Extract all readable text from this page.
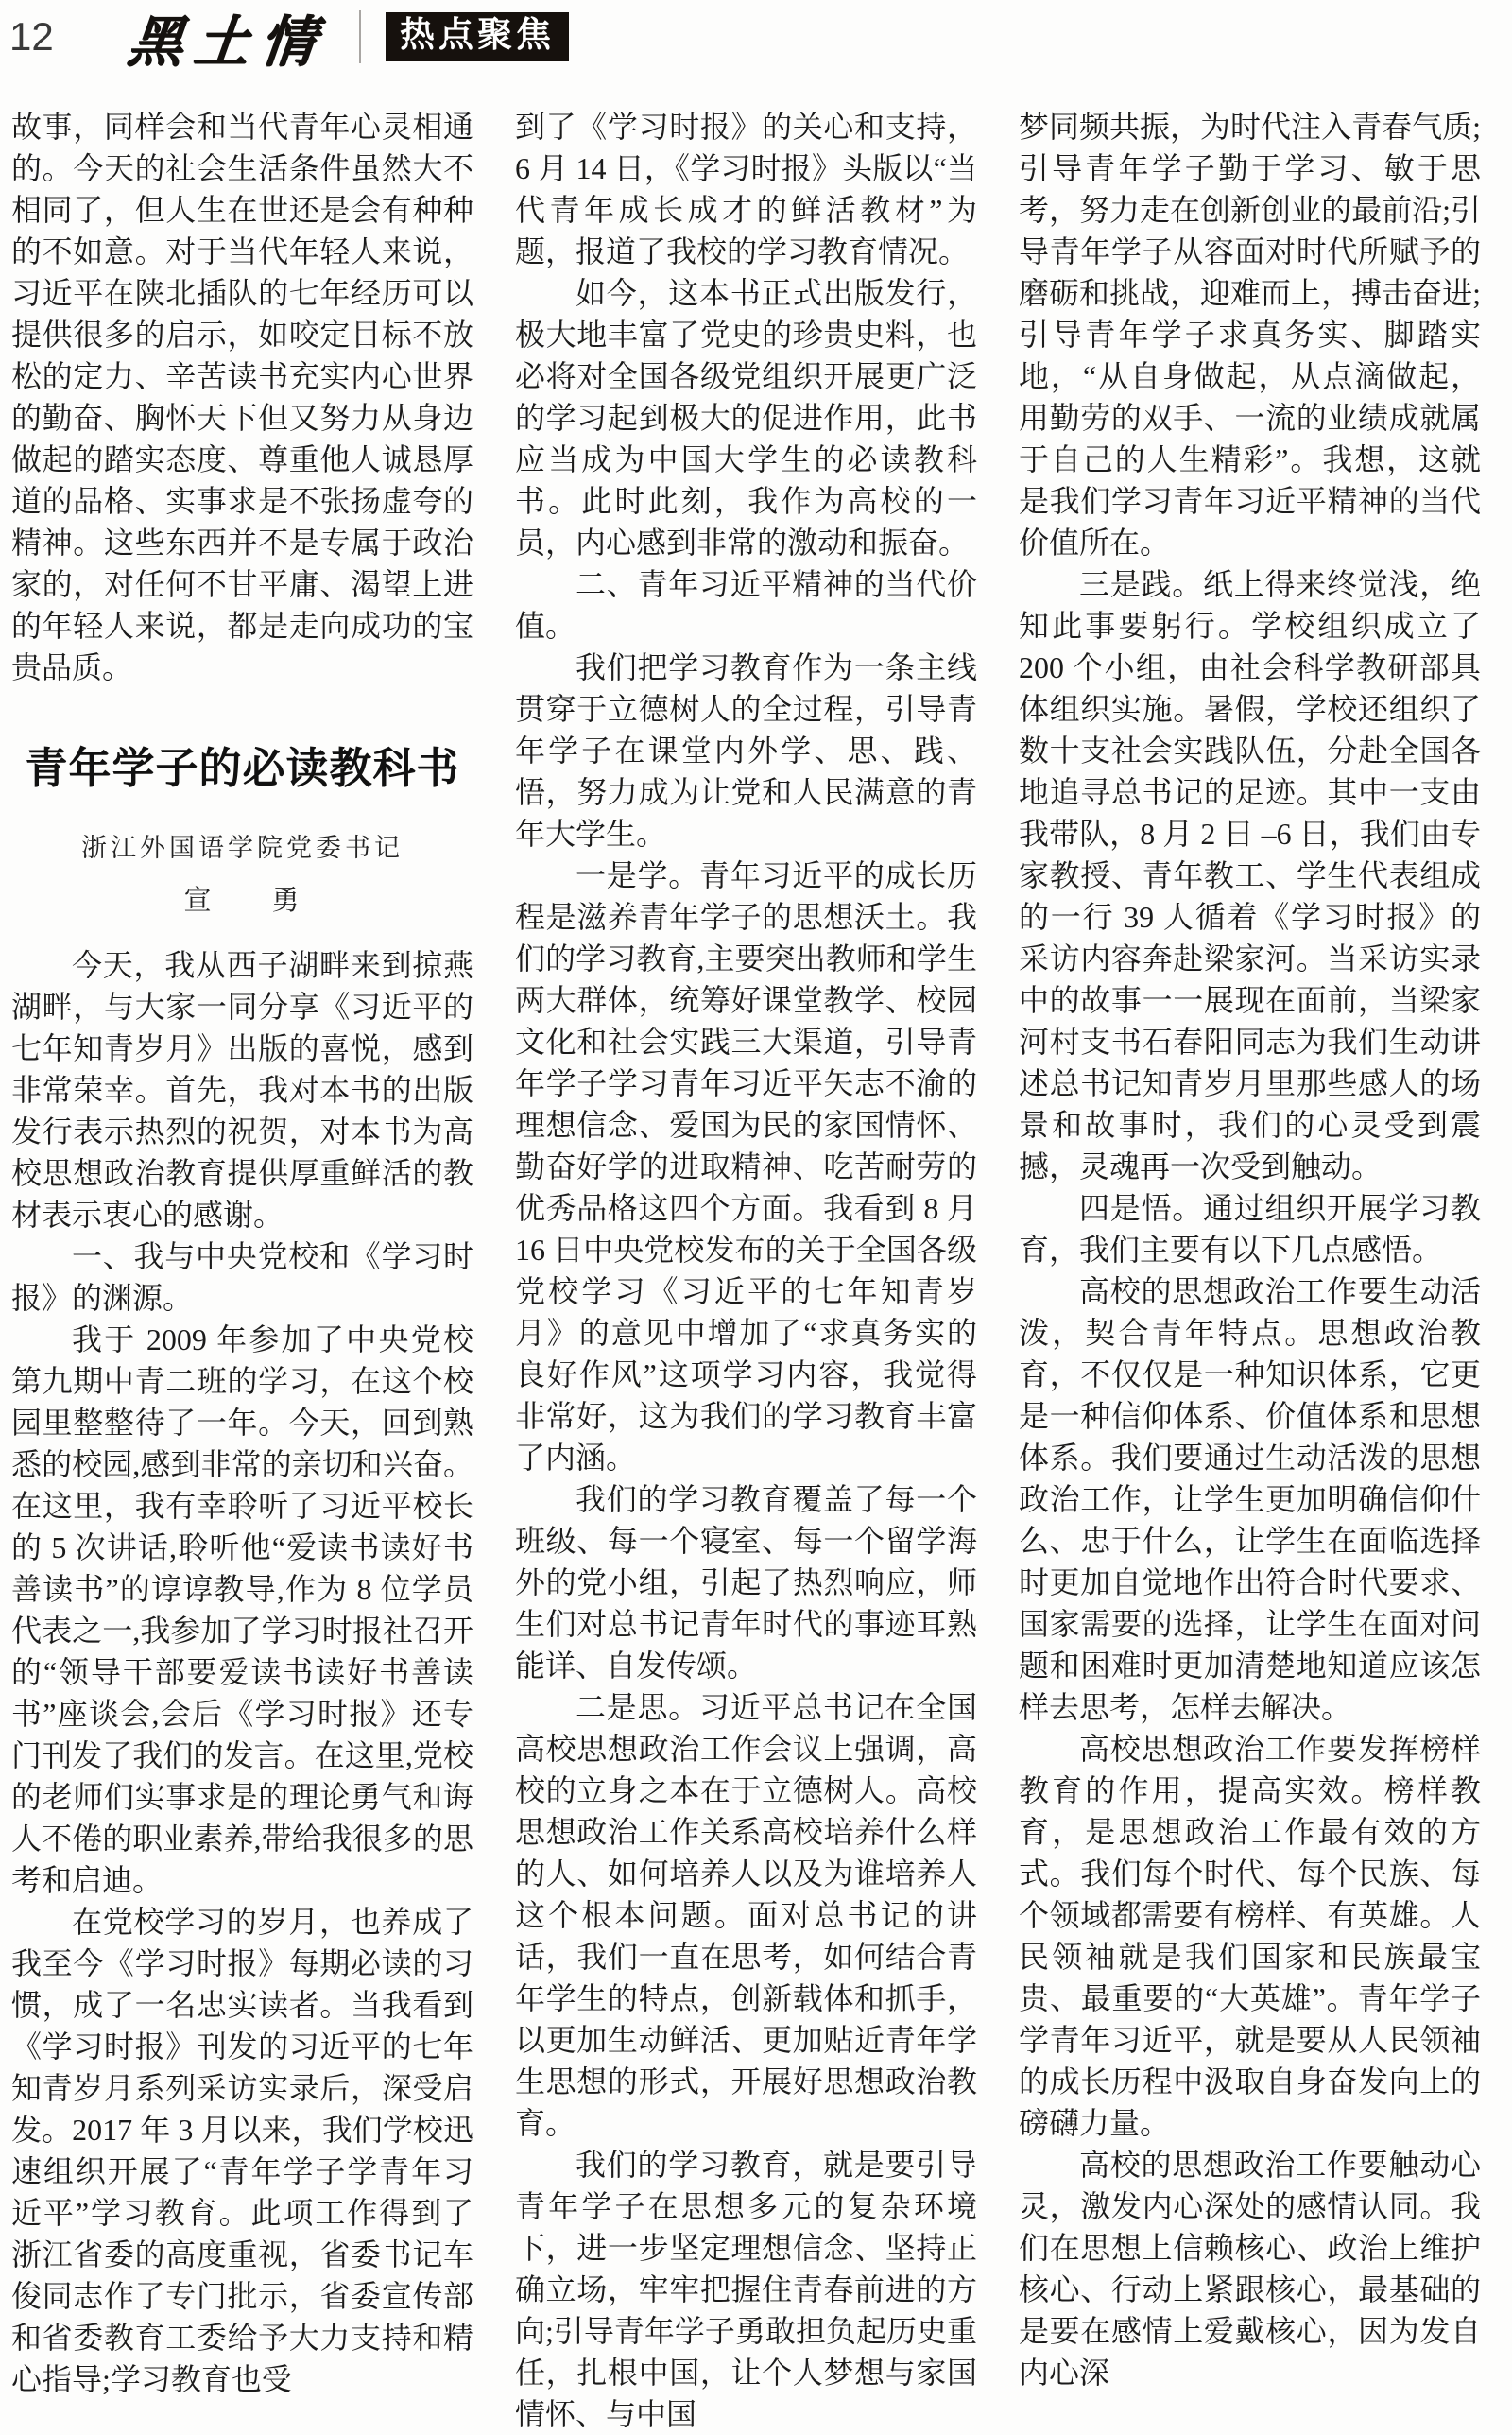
12 黑土情	热点聚焦

故事，同样会和当代青年心灵相通的。今天的社会生活条件虽然大不相同了，但人生在世还是会有种种的不如意。对于当代年轻人来说，习近平在陕北插队的七年经历可以提供很多的启示，如咬定目标不放松的定力、辛苦读书充实内心世界的勤奋、胸怀天下但又努力从身边做起的踏实态度、尊重他人诚恳厚道的品格、实事求是不张扬虚夸的精神。这些东西并不是专属于政治家的，对任何不甘平庸、渴望上进的年轻人来说，都是走向成功的宝贵品质。

青年学子的必读教科书
浙江外国语学院党委书记
宣　　勇

今天，我从西子湖畔来到掠燕湖畔，与大家一同分享《习近平的七年知青岁月》出版的喜悦，感到非常荣幸。首先，我对本书的出版发行表示热烈的祝贺，对本书为高校思想政治教育提供厚重鲜活的教材表示衷心的感谢。

一、我与中央党校和《学习时报》的渊源。

我于 2009 年参加了中央党校第九期中青二班的学习，在这个校园里整整待了一年。今天，回到熟悉的校园,感到非常的亲切和兴奋。在这里，我有幸聆听了习近平校长的 5 次讲话,聆听他“爱读书读好书善读书”的谆谆教导,作为 8 位学员代表之一,我参加了学习时报社召开的“领导干部要爱读书读好书善读书”座谈会,会后《学习时报》还专门刊发了我们的发言。在这里,党校的老师们实事求是的理论勇气和诲人不倦的职业素养,带给我很多的思考和启迪。

在党校学习的岁月，也养成了我至今《学习时报》每期必读的习惯，成了一名忠实读者。当我看到《学习时报》刊发的习近平的七年知青岁月系列采访实录后，深受启发。2017 年 3 月以来，我们学校迅速组织开展了“青年学子学青年习近平”学习教育。此项工作得到了浙江省委的高度重视，省委书记车俊同志作了专门批示，省委宣传部和省委教育工委给予大力支持和精心指导;学习教育也受

到了《学习时报》的关心和支持，6 月 14 日，《学习时报》头版以“当代青年成长成才的鲜活教材”为题，报道了我校的学习教育情况。

如今，这本书正式出版发行，极大地丰富了党史的珍贵史料，也必将对全国各级党组织开展更广泛的学习起到极大的促进作用，此书应当成为中国大学生的必读教科书。此时此刻，我作为高校的一员，内心感到非常的激动和振奋。

二、青年习近平精神的当代价值。

我们把学习教育作为一条主线贯穿于立德树人的全过程，引导青年学子在课堂内外学、思、践、悟，努力成为让党和人民满意的青年大学生。

一是学。青年习近平的成长历程是滋养青年学子的思想沃土。我们的学习教育,主要突出教师和学生两大群体，统筹好课堂教学、校园文化和社会实践三大渠道，引导青年学子学习青年习近平矢志不渝的理想信念、爱国为民的家国情怀、勤奋好学的进取精神、吃苦耐劳的优秀品格这四个方面。我看到 8 月 16 日中央党校发布的关于全国各级党校学习《习近平的七年知青岁月》的意见中增加了“求真务实的良好作风”这项学习内容，我觉得非常好，这为我们的学习教育丰富了内涵。

我们的学习教育覆盖了每一个班级、每一个寝室、每一个留学海外的党小组，引起了热烈响应，师生们对总书记青年时代的事迹耳熟能详、自发传颂。

二是思。习近平总书记在全国高校思想政治工作会议上强调，高校的立身之本在于立德树人。高校思想政治工作关系高校培养什么样的人、如何培养人以及为谁培养人这个根本问题。面对总书记的讲话，我们一直在思考，如何结合青年学生的特点，创新载体和抓手，以更加生动鲜活、更加贴近青年学生思想的形式，开展好思想政治教育。

我们的学习教育，就是要引导青年学子在思想多元的复杂环境下，进一步坚定理想信念、坚持正确立场，牢牢把握住青春前进的方向;引导青年学子勇敢担负起历史重任，扎根中国，让个人梦想与家国情怀、与中国

梦同频共振，为时代注入青春气质;引导青年学子勤于学习、敏于思考，努力走在创新创业的最前沿;引导青年学子从容面对时代所赋予的磨砺和挑战，迎难而上，搏击奋进;引导青年学子求真务实、脚踏实地，“从自身做起，从点滴做起，用勤劳的双手、一流的业绩成就属于自己的人生精彩”。我想，这就是我们学习青年习近平精神的当代价值所在。

三是践。纸上得来终觉浅，绝知此事要躬行。学校组织成立了 200 个小组，由社会科学教研部具体组织实施。暑假，学校还组织了数十支社会实践队伍，分赴全国各地追寻总书记的足迹。其中一支由我带队，8 月 2 日 –6 日，我们由专家教授、青年教工、学生代表组成的一行 39 人循着《学习时报》的采访内容奔赴梁家河。当采访实录中的故事一一展现在面前，当梁家河村支书石春阳同志为我们生动讲述总书记知青岁月里那些感人的场景和故事时，我们的心灵受到震撼，灵魂再一次受到触动。

四是悟。通过组织开展学习教育，我们主要有以下几点感悟。

高校的思想政治工作要生动活泼，契合青年特点。思想政治教育，不仅仅是一种知识体系，它更是一种信仰体系、价值体系和思想体系。我们要通过生动活泼的思想政治工作，让学生更加明确信仰什么、忠于什么，让学生在面临选择时更加自觉地作出符合时代要求、国家需要的选择，让学生在面对问题和困难时更加清楚地知道应该怎样去思考，怎样去解决。

高校思想政治工作要发挥榜样教育的作用，提高实效。榜样教育，是思想政治工作最有效的方式。我们每个时代、每个民族、每个领域都需要有榜样、有英雄。人民领袖就是我们国家和民族最宝贵、最重要的“大英雄”。青年学子学青年习近平，就是要从人民领袖的成长历程中汲取自身奋发向上的磅礴力量。

高校的思想政治工作要触动心灵，激发内心深处的感情认同。我们在思想上信赖核心、政治上维护核心、行动上紧跟核心，最基础的是要在感情上爱戴核心，因为发自内心深
